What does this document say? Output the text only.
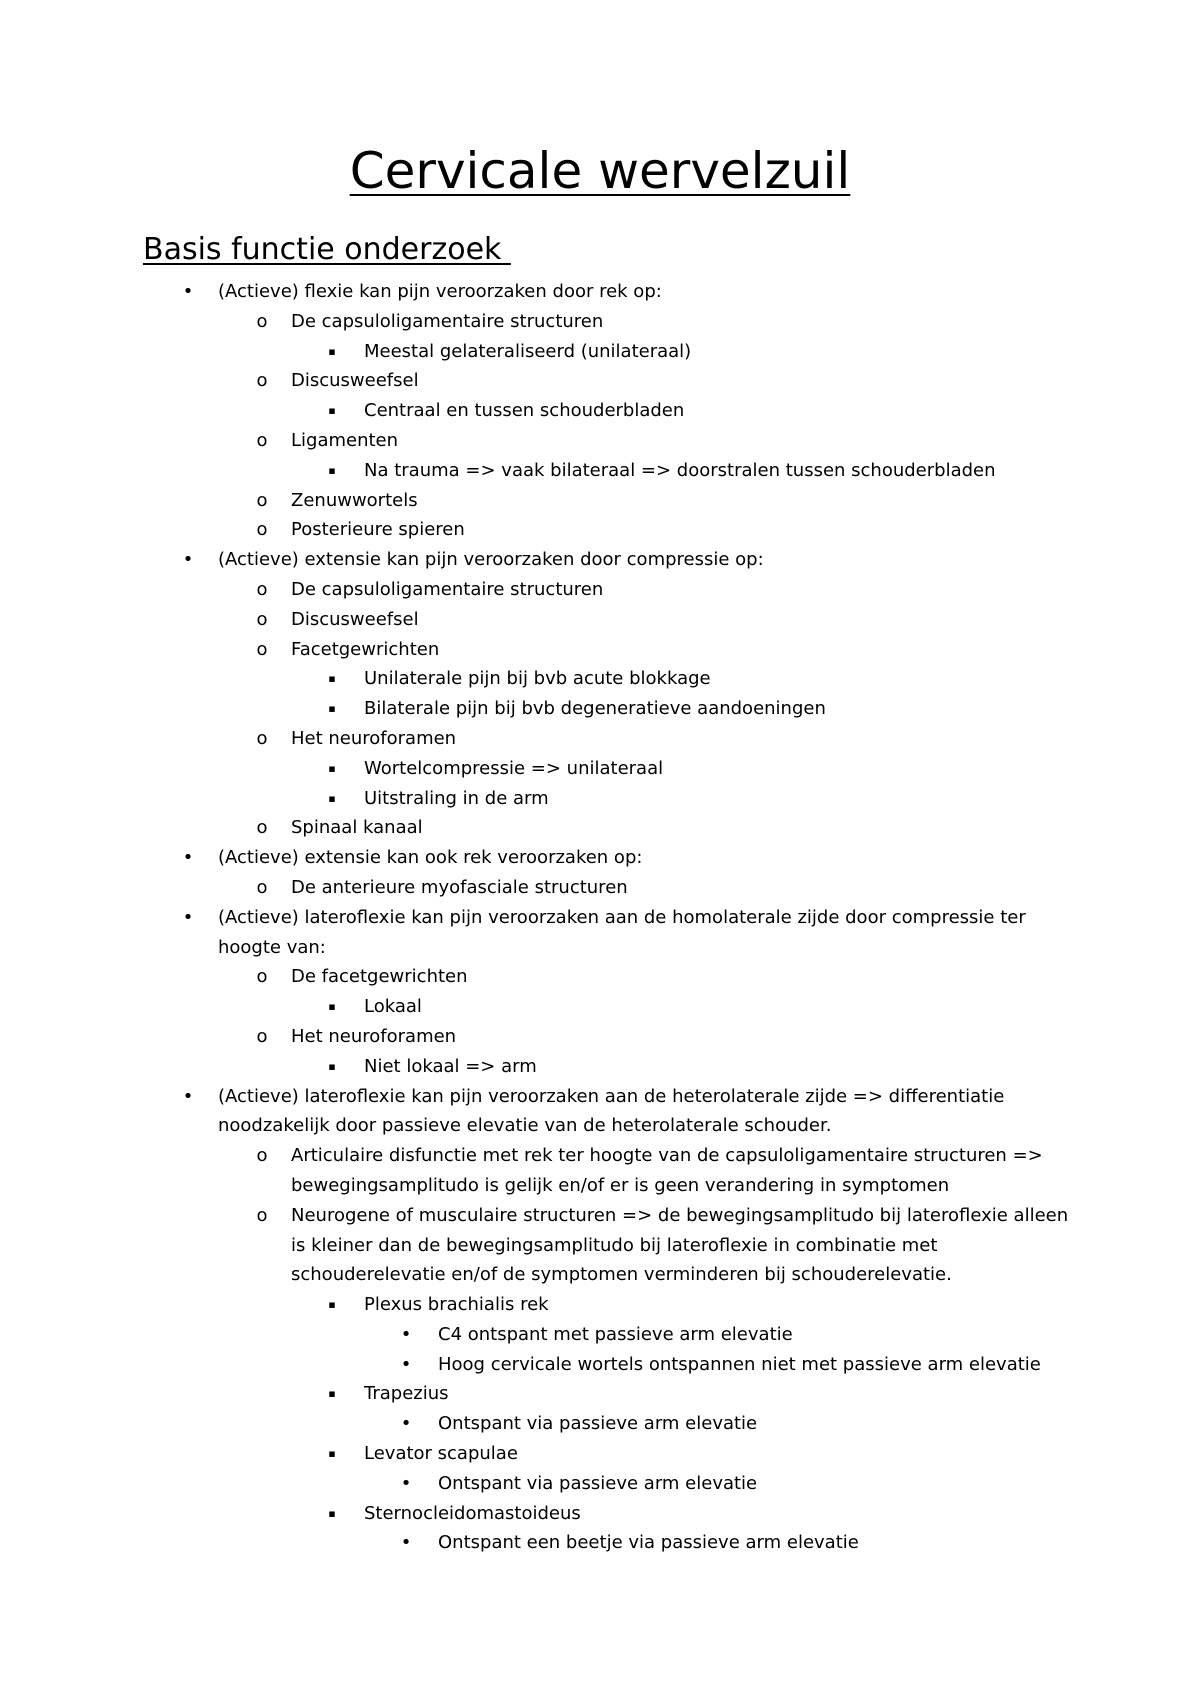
Cervicale wervelzuil
Basis functie onderzoek
• (Actieve) flexie kan pijn veroorzaken door rek op:
o De capsuloligamentaire structuren
▪	Meestal gelateraliseerd (unilateraal)
o Discusweefsel
▪	Centraal en tussen schouderbladen
o Ligamenten
▪	Na trauma => vaak bilateraal => doorstralen tussen schouderbladen
o Zenuwwortels
o Posterieure spieren
• (Actieve) extensie kan pijn veroorzaken door compressie op:
o De capsuloligamentaire structuren
o Discusweefsel
o Facetgewrichten
▪	Unilaterale pijn bij bvb acute blokkage
▪	Bilaterale pijn bij bvb degeneratieve aandoeningen
o Het neuroforamen
▪	Wortelcompressie => unilateraal
▪	Uitstraling in de arm
o Spinaal kanaal
• (Actieve) extensie kan ook rek veroorzaken op:
o De anterieure myofasciale structuren
• (Actieve) lateroflexie kan pijn veroorzaken aan de homolaterale zijde door compressie ter
hoogte van:
o De facetgewrichten
▪	Lokaal
o Het neuroforamen
▪	Niet lokaal => arm
• (Actieve) lateroflexie kan pijn veroorzaken aan de heterolaterale zijde => differentiatie
noodzakelijk door passieve elevatie van de heterolaterale schouder.
o Articulaire disfunctie met rek ter hoogte van de capsuloligamentaire structuren =>
bewegingsamplitudo is gelijk en/of er is geen verandering in symptomen
o Neurogene of musculaire structuren => de bewegingsamplitudo bij lateroflexie alleen
is kleiner dan de bewegingsamplitudo bij lateroflexie in combinatie met
schouderelevatie en/of de symptomen verminderen bij schouderelevatie.
▪	Plexus brachialis rek
• C4 ontspant met passieve arm elevatie
• Hoog cervicale wortels ontspannen niet met passieve arm elevatie
▪	Trapezius
• Ontspant via passieve arm elevatie
▪	Levator scapulae
• Ontspant via passieve arm elevatie
▪	Sternocleidomastoideus
• Ontspant een beetje via passieve arm elevatie
